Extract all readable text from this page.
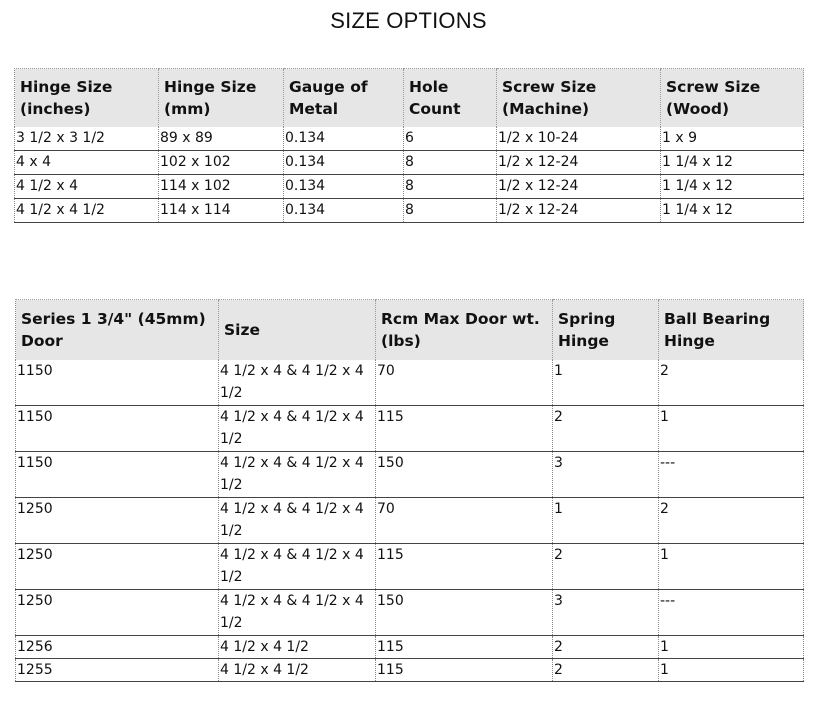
SIZE OPTIONS
Hinge Size (inches)	Hinge Size (mm)	Gauge of Metal	Hole Count	Screw Size (Machine)	Screw Size (Wood)
3 1/2 x 3 1/2	89 x 89	0.134	6	1/2 x 10-24	1 x 9
4 x 4	102 x 102	0.134	8	1/2 x 12-24	1 1/4 x 12
4 1/2 x 4	114 x 102	0.134	8	1/2 x 12-24	1 1/4 x 12
4 1/2 x 4 1/2	114 x 114	0.134	8	1/2 x 12-24	1 1/4 x 12
Series 1 3/4" (45mm) Door	Size	Rcm Max Door wt. (lbs)	Spring Hinge	Ball Bearing Hinge
1150	4 1/2 x 4 & 4 1/2 x 4 1/2	70	1	2
1150	4 1/2 x 4 & 4 1/2 x 4 1/2	115	2	1
1150	4 1/2 x 4 & 4 1/2 x 4 1/2	150	3	---
1250	4 1/2 x 4 & 4 1/2 x 4 1/2	70	1	2
1250	4 1/2 x 4 & 4 1/2 x 4 1/2	115	2	1
1250	4 1/2 x 4 & 4 1/2 x 4 1/2	150	3	---
1256	4 1/2 x 4 1/2	115	2	1
1255	4 1/2 x 4 1/2	115	2	1
